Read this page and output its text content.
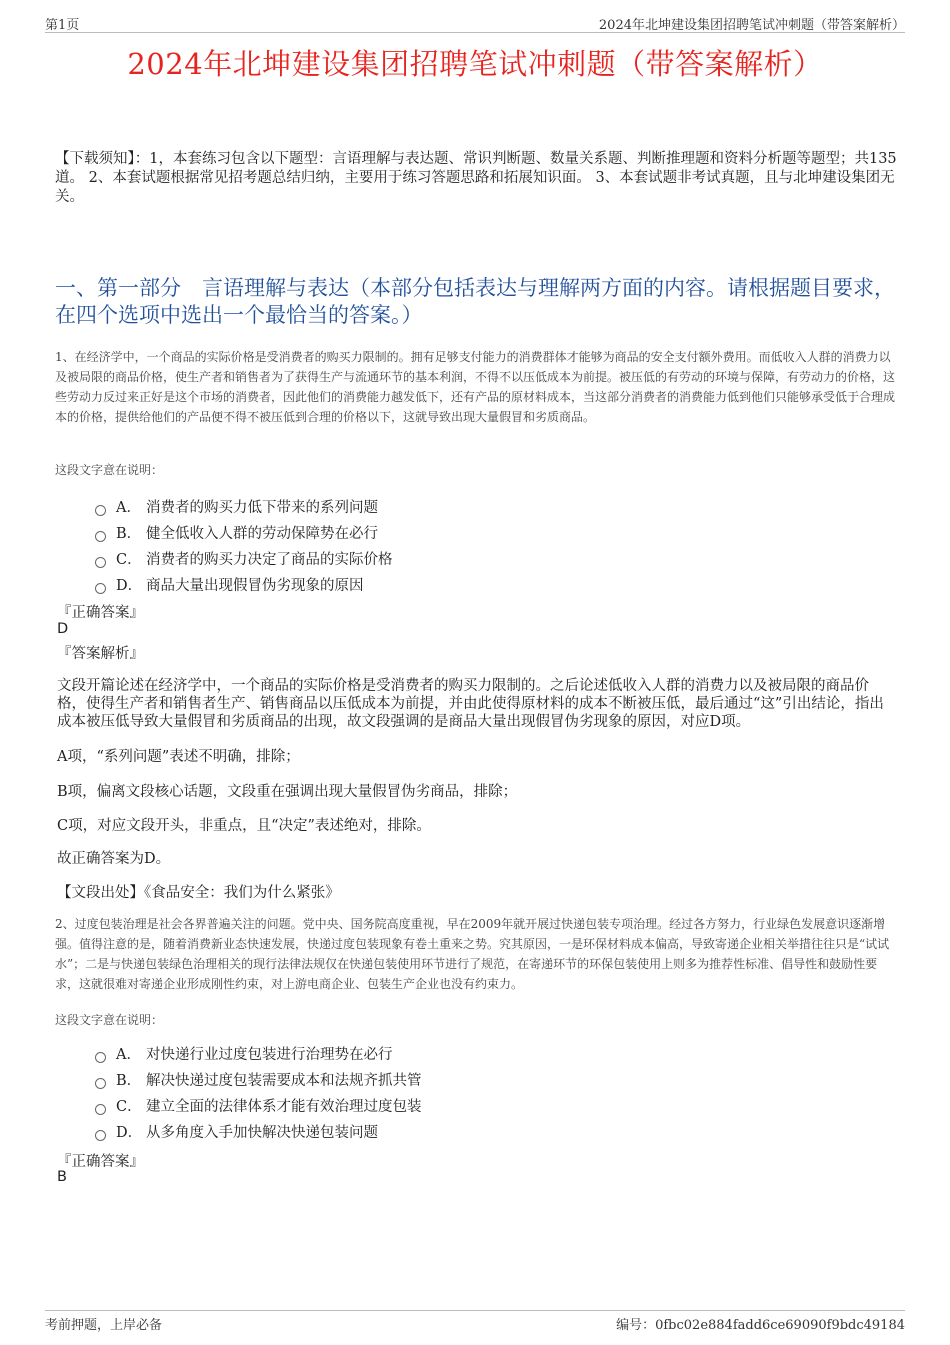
第1页	2024年北坤建设集团招聘笔试冲刺题（带答案解析）
2024年北坤建设集团招聘笔试冲刺题（带答案解析）
【下载须知】：1，本套练习包含以下题型：言语理解与表达题、常识判断题、数量关系题、判断推理题和资料分析题等题型；共135道。 2、本套试题根据常见招考题总结归纳，主要用于练习答题思路和拓展知识面。 3、本套试题非考试真题，且与北坤建设集团无关。
一、第一部分　言语理解与表达（本部分包括表达与理解两方面的内容。请根据题目要求，在四个选项中选出一个最恰当的答案。）
1、在经济学中，一个商品的实际价格是受消费者的购买力限制的。拥有足够支付能力的消费群体才能够为商品的安全支付额外费用。而低收入人群的消费力以及被局限的商品价格，使生产者和销售者为了获得生产与流通环节的基本利润，不得不以压低成本为前提。被压低的有劳动的环境与保障，有劳动力的价格，这些劳动力反过来正好是这个市场的消费者，因此他们的消费能力越发低下，还有产品的原材料成本，当这部分消费者的消费能力低到他们只能够承受低于合理成本的价格，提供给他们的产品便不得不被压低到合理的价格以下，这就导致出现大量假冒和劣质商品。
这段文字意在说明：
A． 消费者的购买力低下带来的系列问题
B． 健全低收入人群的劳动保障势在必行
C． 消费者的购买力决定了商品的实际价格
D． 商品大量出现假冒伪劣现象的原因
『正确答案』
D
『答案解析』
文段开篇论述在经济学中，一个商品的实际价格是受消费者的购买力限制的。之后论述低收入人群的消费力以及被局限的商品价格，使得生产者和销售者生产、销售商品以压低成本为前提，并由此使得原材料的成本不断被压低，最后通过“这”引出结论，指出成本被压低导致大量假冒和劣质商品的出现，故文段强调的是商品大量出现假冒伪劣现象的原因，对应D项。
A项，“系列问题”表述不明确，排除；
B项，偏离文段核心话题，文段重在强调出现大量假冒伪劣商品，排除；
C项，对应文段开头，非重点，且“决定”表述绝对，排除。
故正确答案为D。
【文段出处】《食品安全：我们为什么紧张》
2、过度包装治理是社会各界普遍关注的问题。党中央、国务院高度重视，早在2009年就开展过快递包装专项治理。经过各方努力，行业绿色发展意识逐渐增强。值得注意的是，随着消费新业态快速发展，快递过度包装现象有卷土重来之势。究其原因，一是环保材料成本偏高，导致寄递企业相关举措往往只是“试试水”；二是与快递包装绿色治理相关的现行法律法规仅在快递包装使用环节进行了规范，在寄递环节的环保包装使用上则多为推荐性标准、倡导性和鼓励性要求，这就很难对寄递企业形成刚性约束，对上游电商企业、包装生产企业也没有约束力。
这段文字意在说明：
A． 对快递行业过度包装进行治理势在必行
B． 解决快递过度包装需要成本和法规齐抓共管
C． 建立全面的法律体系才能有效治理过度包装
D． 从多角度入手加快解决快递包装问题
『正确答案』
B
考前押题，上岸必备	编号：0fbc02e884fadd6ce69090f9bdc49184
